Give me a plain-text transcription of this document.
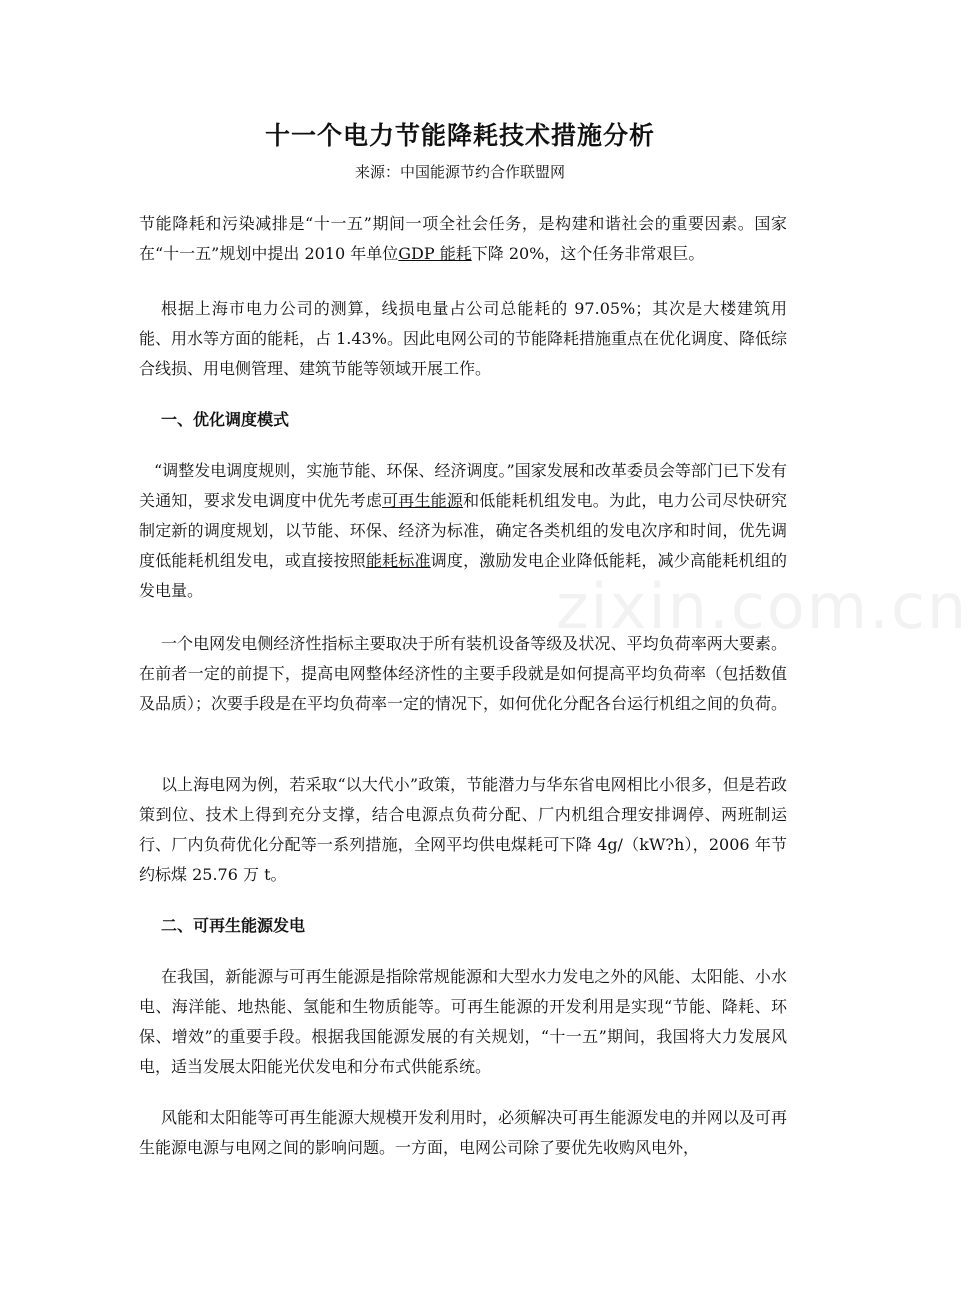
zixin.com.cn
十一个电力节能降耗技术措施分析
来源：中国能源节约合作联盟网

节能降耗和污染减排是“十一五”期间一项全社会任务，是构建和谐社会的重要因素。国家在“十一五”规划中提出 2010 年单位GDP 能耗下降 20%，这个任务非常艰巨。

根据上海市电力公司的测算，线损电量占公司总能耗的 97.05%；其次是大楼建筑用能、用水等方面的能耗，占 1.43%。因此电网公司的节能降耗措施重点在优化调度、降低综合线损、用电侧管理、建筑节能等领域开展工作。

一、优化调度模式

“调整发电调度规则，实施节能、环保、经济调度。”国家发展和改革委员会等部门已下发有关通知，要求发电调度中优先考虑可再生能源和低能耗机组发电。为此，电力公司尽快研究制定新的调度规划，以节能、环保、经济为标准，确定各类机组的发电次序和时间，优先调度低能耗机组发电，或直接按照能耗标准调度，激励发电企业降低能耗，减少高能耗机组的发电量。

一个电网发电侧经济性指标主要取决于所有装机设备等级及状况、平均负荷率两大要素。在前者一定的前提下，提高电网整体经济性的主要手段就是如何提高平均负荷率（包括数值及品质）；次要手段是在平均负荷率一定的情况下，如何优化分配各台运行机组之间的负荷。

以上海电网为例，若采取“以大代小”政策，节能潜力与华东省电网相比小很多，但是若政策到位、技术上得到充分支撑，结合电源点负荷分配、厂内机组合理安排调停、两班制运行、厂内负荷优化分配等一系列措施，全网平均供电煤耗可下降 4g/（kW?h），2006 年节约标煤 25.76 万 t。

二、可再生能源发电

在我国，新能源与可再生能源是指除常规能源和大型水力发电之外的风能、太阳能、小水电、海洋能、地热能、氢能和生物质能等。可再生能源的开发利用是实现“节能、降耗、环保、增效”的重要手段。根据我国能源发展的有关规划，“十一五”期间，我国将大力发展风电，适当发展太阳能光伏发电和分布式供能系统。

风能和太阳能等可再生能源大规模开发利用时，必须解决可再生能源发电的并网以及可再生能源电源与电网之间的影响问题。一方面，电网公司除了要优先收购风电外，
